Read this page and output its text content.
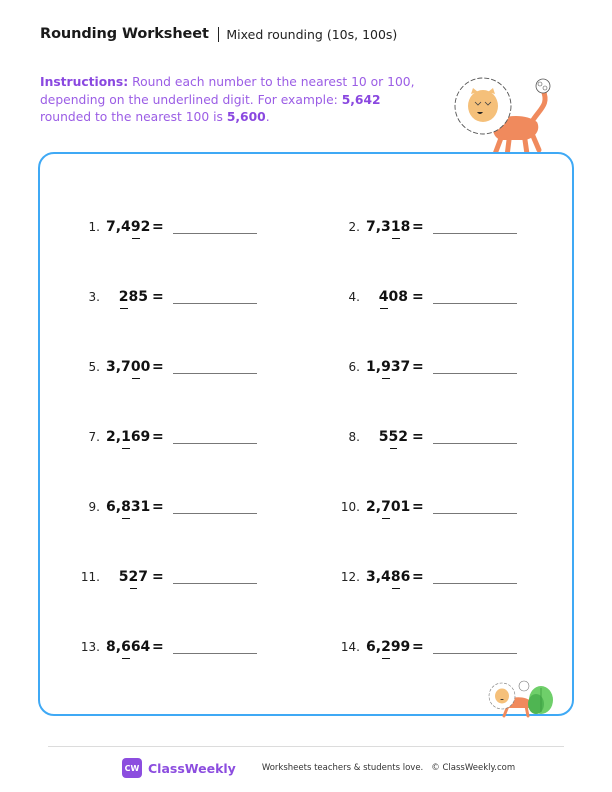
Rounding Worksheet Mixed rounding (10s, 100s)
Instructions: Round each number to the nearest 10 or 100, depending on the underlined digit. For example: 5,642 rounded to the nearest 100 is 5,600.
1. 7,492 =	2. 7,318 =
3.	285 =	4.	408 =
5. 3,700 =	6. 1,937 =
7. 2,169 =	8.	552 =
9. 6,831 =	10. 2,701 =
11.	527 =	12. 3,486 =
13. 8,664 =	14. 6,299 =
CW ClassWeekly	Worksheets teachers & students love. © ClassWeekly.com
